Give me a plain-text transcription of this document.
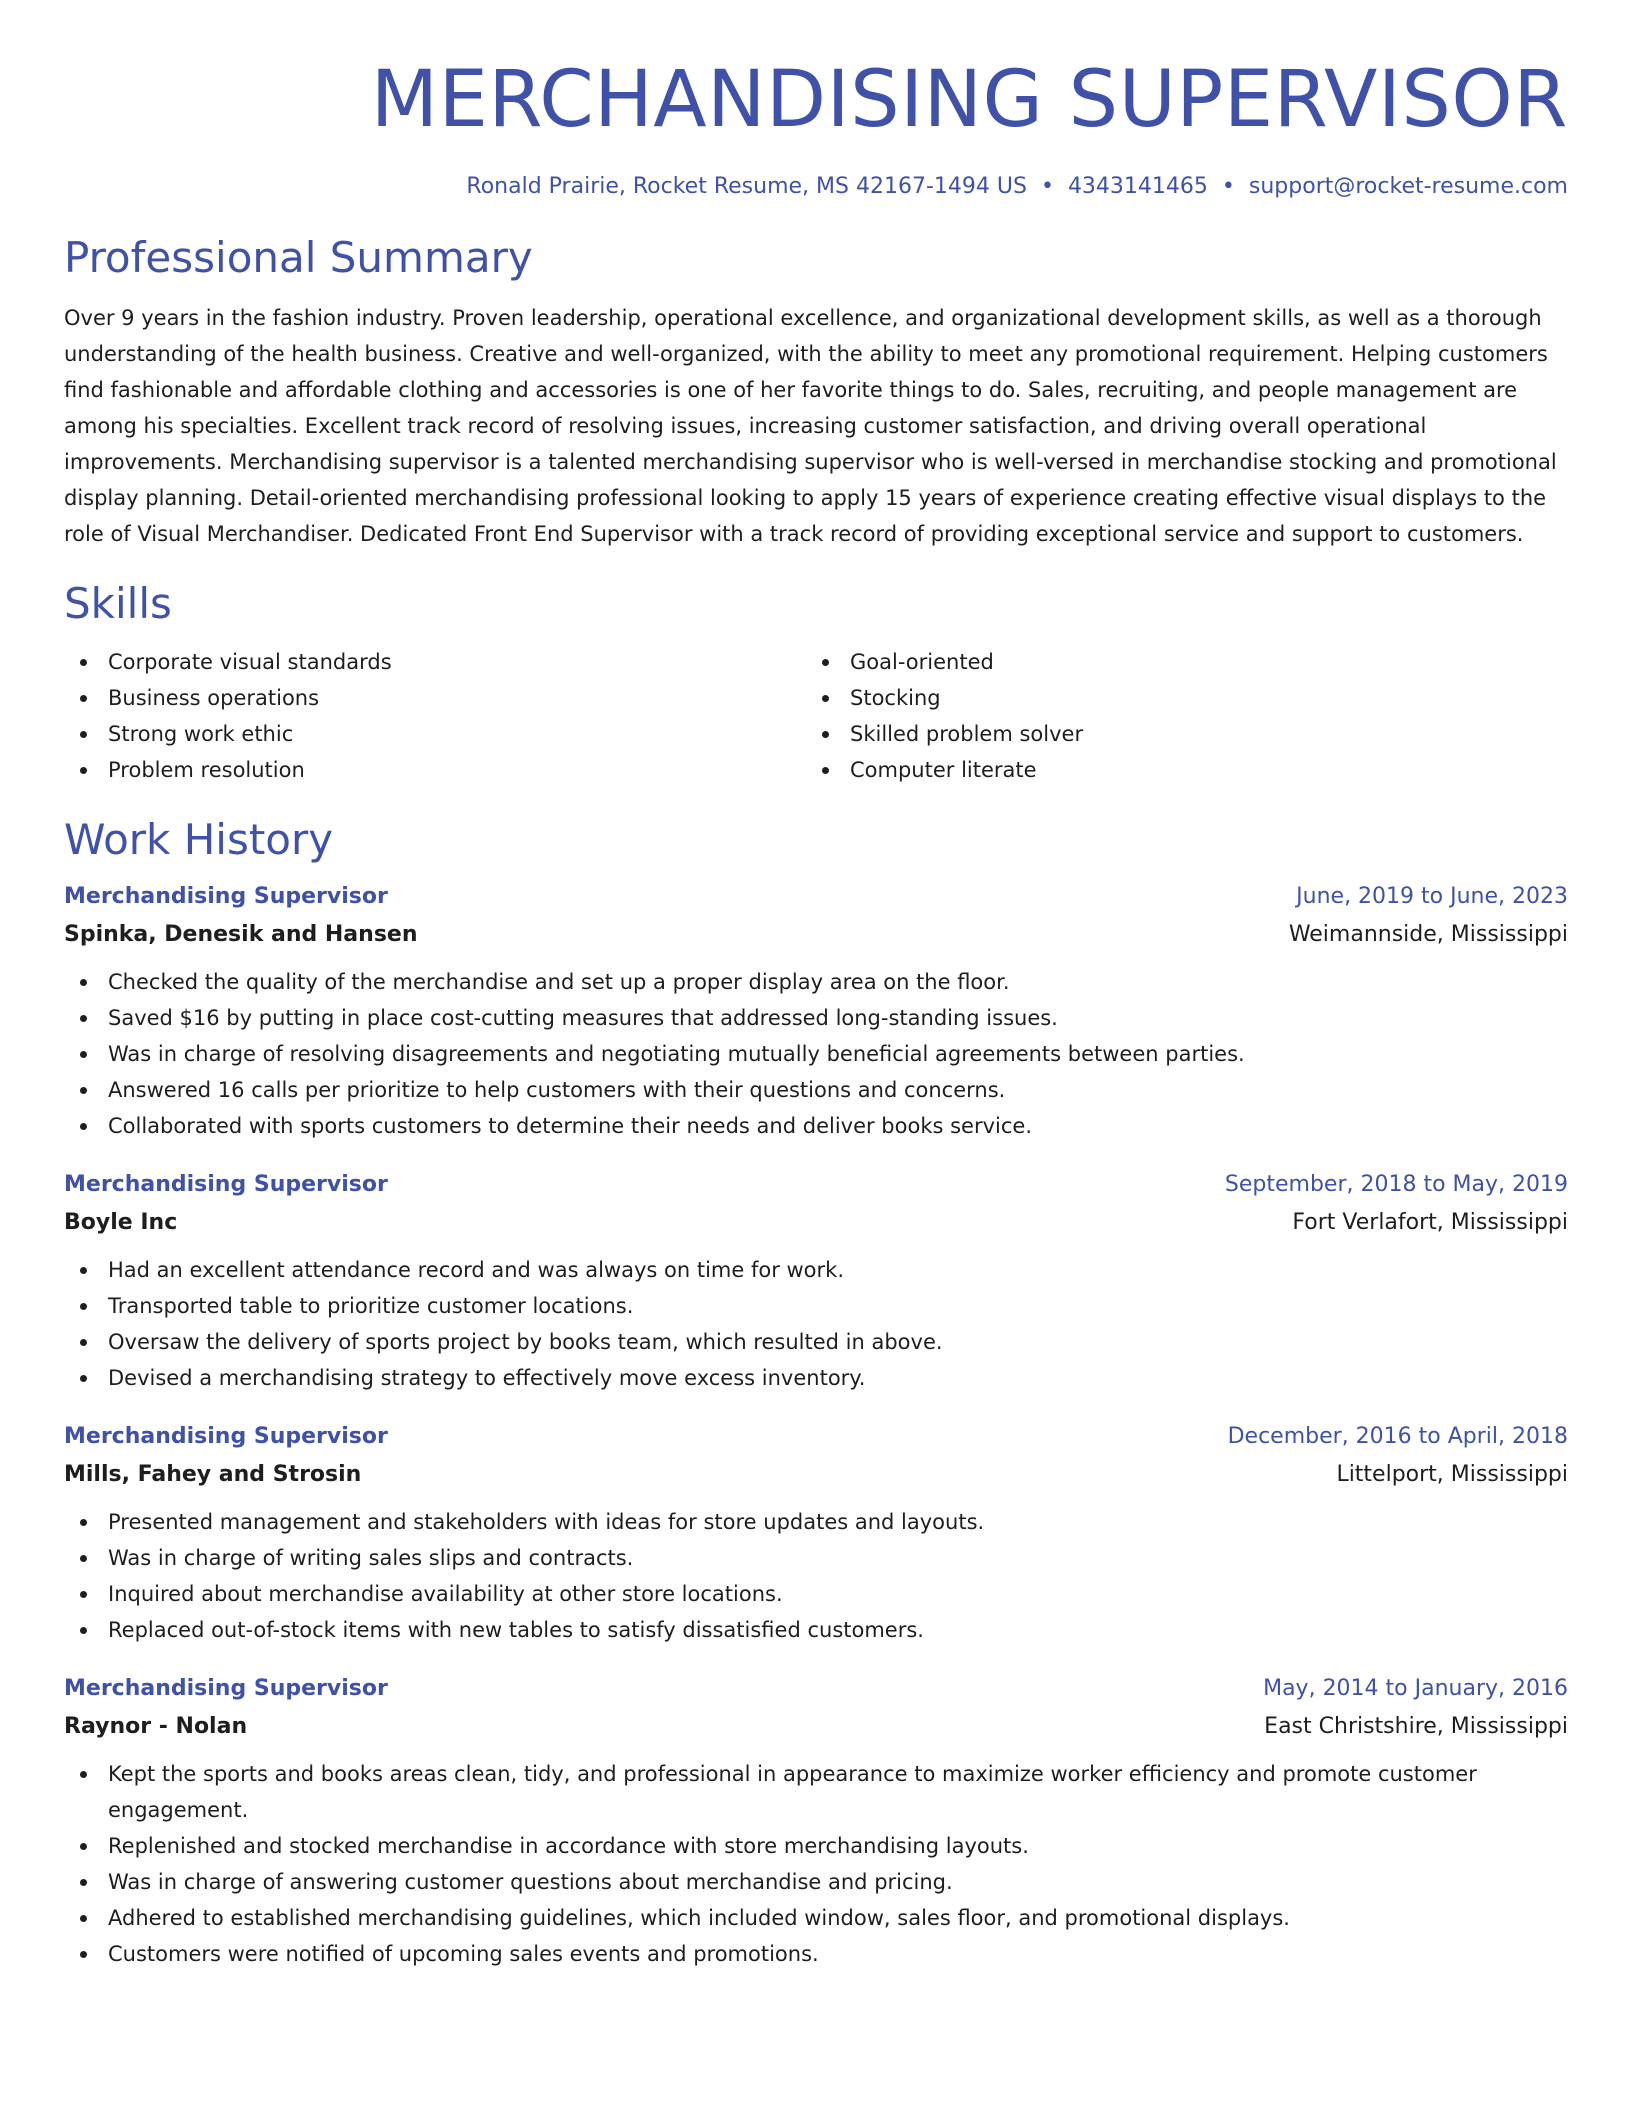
MERCHANDISING SUPERVISOR
Ronald Prairie, Rocket Resume, MS 42167-1494 US • 4343141465 • support@rocket-resume.com
Professional Summary
Over 9 years in the fashion industry. Proven leadership, operational excellence, and organizational development skills, as well as a thorough understanding of the health business. Creative and well-organized, with the ability to meet any promotional requirement. Helping customers find fashionable and affordable clothing and accessories is one of her favorite things to do. Sales, recruiting, and people management are among his specialties. Excellent track record of resolving issues, increasing customer satisfaction, and driving overall operational improvements. Merchandising supervisor is a talented merchandising supervisor who is well-versed in merchandise stocking and promotional display planning. Detail-oriented merchandising professional looking to apply 15 years of experience creating effective visual displays to the role of Visual Merchandiser. Dedicated Front End Supervisor with a track record of providing exceptional service and support to customers.
Skills
Corporate visual standards
Business operations
Strong work ethic
Problem resolution
Goal-oriented
Stocking
Skilled problem solver
Computer literate
Work History
Merchandising Supervisor	June, 2019 to June, 2023
Spinka, Denesik and Hansen	Weimannside, Mississippi
Checked the quality of the merchandise and set up a proper display area on the floor.
Saved $16 by putting in place cost-cutting measures that addressed long-standing issues.
Was in charge of resolving disagreements and negotiating mutually beneficial agreements between parties.
Answered 16 calls per prioritize to help customers with their questions and concerns.
Collaborated with sports customers to determine their needs and deliver books service.
Merchandising Supervisor	September, 2018 to May, 2019
Boyle Inc	Fort Verlafort, Mississippi
Had an excellent attendance record and was always on time for work.
Transported table to prioritize customer locations.
Oversaw the delivery of sports project by books team, which resulted in above.
Devised a merchandising strategy to effectively move excess inventory.
Merchandising Supervisor	December, 2016 to April, 2018
Mills, Fahey and Strosin	Littelport, Mississippi
Presented management and stakeholders with ideas for store updates and layouts.
Was in charge of writing sales slips and contracts.
Inquired about merchandise availability at other store locations.
Replaced out-of-stock items with new tables to satisfy dissatisfied customers.
Merchandising Supervisor	May, 2014 to January, 2016
Raynor - Nolan	East Christshire, Mississippi
Kept the sports and books areas clean, tidy, and professional in appearance to maximize worker efficiency and promote customer engagement.
Replenished and stocked merchandise in accordance with store merchandising layouts.
Was in charge of answering customer questions about merchandise and pricing.
Adhered to established merchandising guidelines, which included window, sales floor, and promotional displays.
Customers were notified of upcoming sales events and promotions.
